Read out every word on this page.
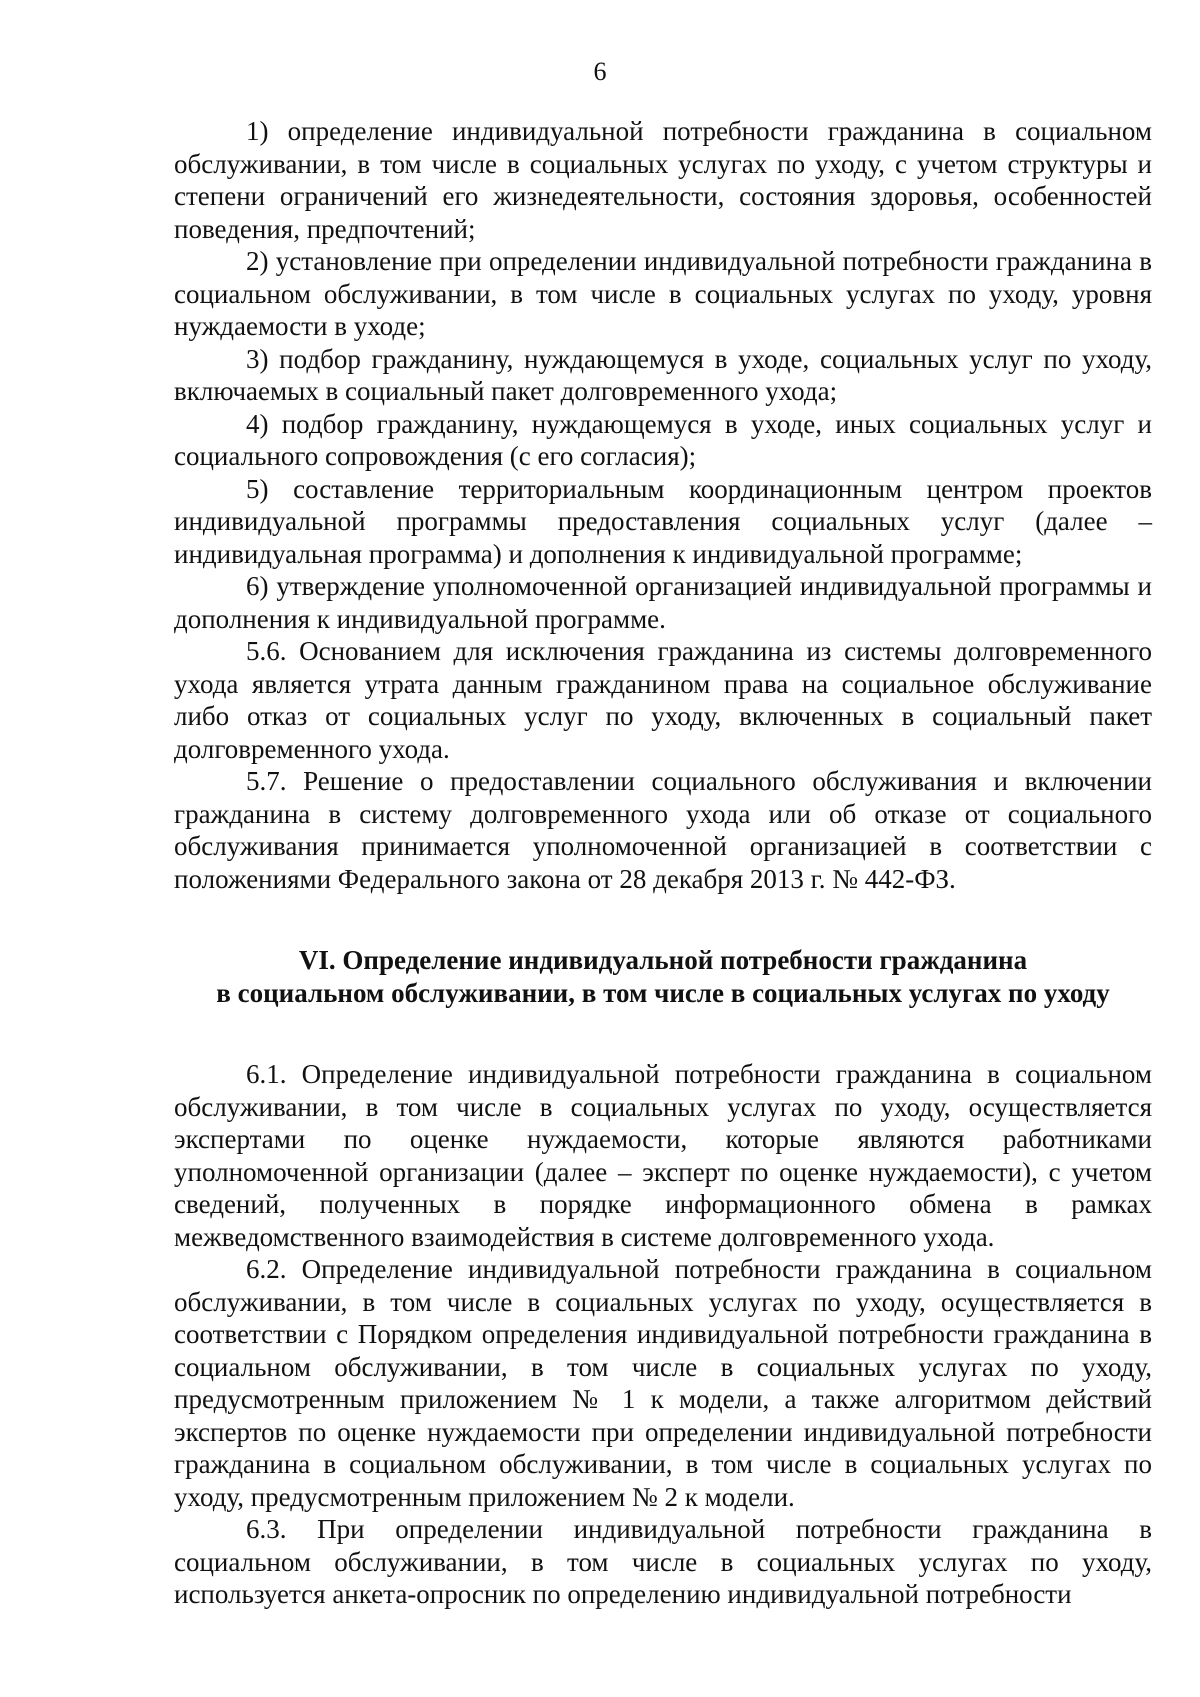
6

1) определение индивидуальной потребности гражданина в социальном обслуживании, в том числе в социальных услугах по уходу, с учетом структуры и степени ограничений его жизнедеятельности, состояния здоровья, особенностей поведения, предпочтений;

2) установление при определении индивидуальной потребности гражданина в социальном обслуживании, в том числе в социальных услугах по уходу, уровня нуждаемости в уходе;

3) подбор гражданину, нуждающемуся в уходе, социальных услуг по уходу, включаемых в социальный пакет долговременного ухода;

4) подбор гражданину, нуждающемуся в уходе, иных социальных услуг и социального сопровождения (с его согласия);

5) составление территориальным координационным центром проектов индивидуальной программы предоставления социальных услуг (далее – индивидуальная программа) и дополнения к индивидуальной программе;

6) утверждение уполномоченной организацией индивидуальной программы и дополнения к индивидуальной программе.

5.6. Основанием для исключения гражданина из системы долговременного ухода является утрата данным гражданином права на социальное обслуживание либо отказ от социальных услуг по уходу, включенных в социальный пакет долговременного ухода.

5.7. Решение о предоставлении социального обслуживания и включении гражданина в систему долговременного ухода или об отказе от социального обслуживания принимается уполномоченной организацией в соответствии с положениями Федерального закона от 28 декабря 2013 г. № 442-ФЗ.

VI. Определение индивидуальной потребности гражданина
в социальном обслуживании, в том числе в социальных услугах по уходу

6.1. Определение индивидуальной потребности гражданина в социальном обслуживании, в том числе в социальных услугах по уходу, осуществляется экспертами по оценке нуждаемости, которые являются работниками уполномоченной организации (далее – эксперт по оценке нуждаемости), с учетом сведений, полученных в порядке информационного обмена в рамках межведомственного взаимодействия в системе долговременного ухода.

6.2. Определение индивидуальной потребности гражданина в социальном обслуживании, в том числе в социальных услугах по уходу, осуществляется в соответствии с Порядком определения индивидуальной потребности гражданина в социальном обслуживании, в том числе в социальных услугах по уходу, предусмотренным приложением № 1 к модели, а также алгоритмом действий экспертов по оценке нуждаемости при определении индивидуальной потребности гражданина в социальном обслуживании, в том числе в социальных услугах по уходу, предусмотренным приложением № 2 к модели.

6.3. При определении индивидуальной потребности гражданина в социальном обслуживании, в том числе в социальных услугах по уходу, используется анкета-опросник по определению индивидуальной потребности
